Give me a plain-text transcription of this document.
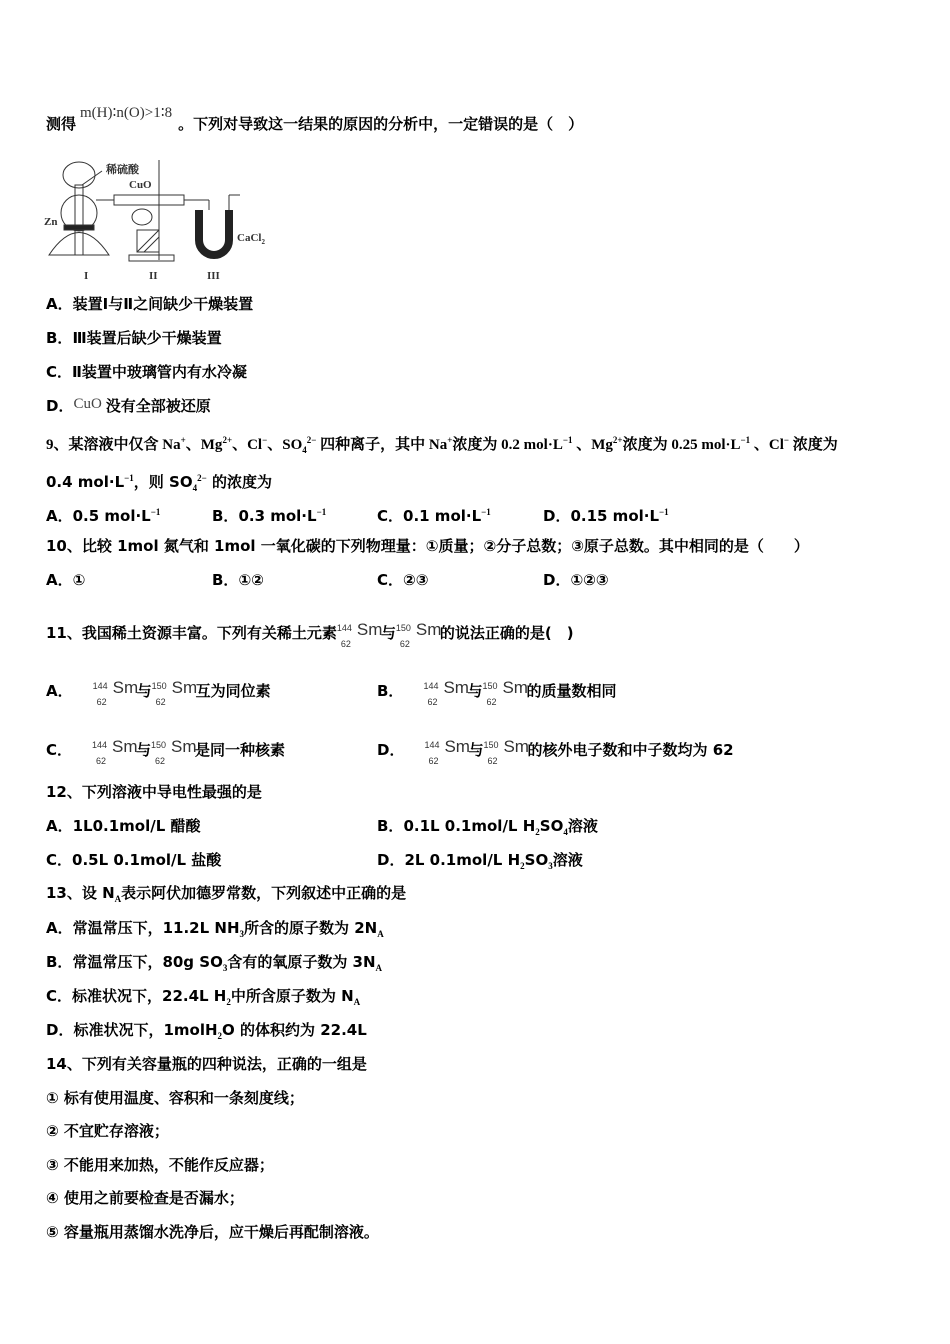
测得m(H)∶n(O)>1∶8。下列对导致这一结果的原因的分析中，一定错误的是（　）
稀硫酸
CuO
Zn
CaCl$_2$
I	II	III
A．装置Ⅰ与Ⅱ之间缺少干燥装置
B．Ⅲ装置后缺少干燥装置
C．Ⅱ装置中玻璃管内有水冷凝
D．CuO 没有全部被还原
9、某溶液中仅含 Na+、$Mg^{2+}$、Cl−、$SO_4^{2-}$ 四种离子，其中 Na+浓度为 0.2 $mol\cdot L^{-1}$ 、$Mg^{2+}$浓度为 0.25 $mol\cdot L^{-1}$ 、Cl− 浓度为
0.4 $mol\cdot L^{-1}$，则 $SO_4^{2-}$ 的浓度为
A．0.5 $mol\cdot L^{-1}$	B．0.3 $mol\cdot L^{-1}$	C．0.1 $mol\cdot L^{-1}$	D．0.15 $mol\cdot L^{-1}$
10、比较 1mol 氮气和 1mol 一氧化碳的下列物理量：①质量；②分子总数；③原子总数。其中相同的是（　　）
A．①	B．①②	C．②③	D．①②③
11、我国稀土资源丰富。下列有关稀土元素 144
62
Sm
与 150
62
Sm
的说法正确的是(　)
A． 144
62
Sm
与 150
62
Sm
互为同位素	B． 144
62
Sm
与 150
62
Sm
的质量数相同
C． 144
62
Sm
与 150
62
Sm
是同一种核素	D． 144
62
Sm
与 150
62
Sm
的核外电子数和中子数均为 62
12、下列溶液中导电性最强的是
A．1L0.1mol/L 醋酸	B．0.1L 0.1mol/L $H_2SO_4$溶液
C．0.5L 0.1mol/L 盐酸	D．2L 0.1mol/L $H_2SO_3$溶液
13、设 $N_A$表示阿伏加德罗常数，下列叙述中正确的是
A．常温常压下，11.2L $NH_3$所含的原子数为 $2N_A$
B．常温常压下，80g $SO_3$含有的氧原子数为 $3N_A$
C．标准状况下，22.4L $H_2$中所含原子数为 $N_A$
D．标准状况下，1molH$_2$O 的体积约为 22.4L
14、下列有关容量瓶的四种说法，正确的一组是
① 标有使用温度、容积和一条刻度线；
② 不宜贮存溶液；
③ 不能用来加热，不能作反应器；
④ 使用之前要检查是否漏水；
⑤ 容量瓶用蒸馏水洗净后，应干燥后再配制溶液。
